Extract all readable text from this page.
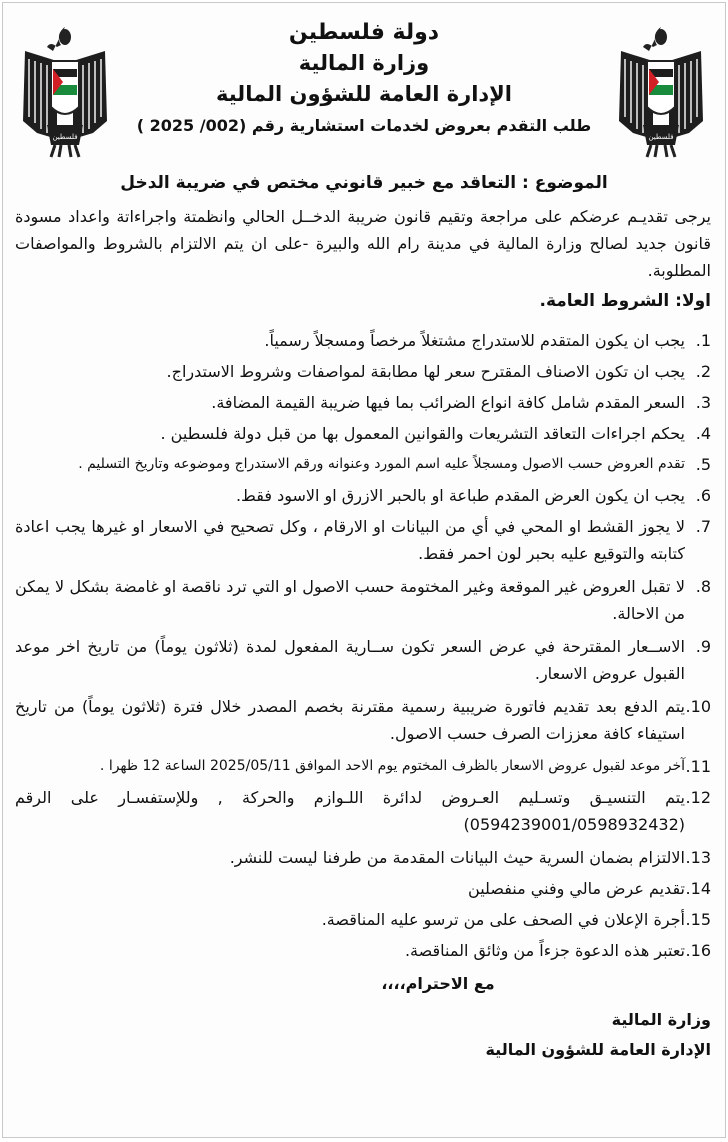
فلسطين	فلسطين
دولة فلسطين
وزارة المالية
الإدارة العامة للشؤون المالية
طلب التقدم بعروض لخدمات استشارية رقم (002/ 2025 )
الموضوع : التعاقد مع خبير قانوني مختص في ضريبة الدخل

يرجى تقديـم عرضكم على مراجعة وتقيم قانون ضريبة الدخــل الحالي وانظمتة واجراءاتة واعداد مسودة قانون جديد لصالح وزارة المالية في مدينة رام الله والبيرة -على ان يتم الالتزام بالشروط والمواصفات المطلوبة.

اولا: الشروط العامة.
1.
يجب ان يكون المتقدم للاستدراج مشتغلاً مرخصاً ومسجلاً رسمياً.
2.
يجب ان تكون الاصناف المقترح سعر لها مطابقة لمواصفات وشروط الاستدراج.
3.
السعر المقدم شامل كافة انواع الضرائب بما فيها ضريبة القيمة المضافة.
4.
يحكم اجراءات التعاقد التشريعات والقوانين المعمول بها من قبل دولة فلسطين .
5.
تقدم العروض حسب الاصول ومسجلاً عليه اسم المورد وعنوانه ورقم الاستدراج وموضوعه وتاريخ التسليم .
6.
يجب ان يكون العرض المقدم طباعة او بالحبر الازرق او الاسود فقط.
7.
لا يجوز القشط او المحي في أي من البيانات او الارقام ، وكل تصحيح في الاسعار او غيرها يجب اعادة كتابته والتوقيع عليه بحبر لون احمر فقط.
8.
لا تقبل العروض غير الموقعة وغير المختومة حسب الاصول او التي ترد ناقصة او غامضة بشكل لا يمكن من الاحالة.
9.
الاســعار المقترحة في عرض السعر تكون ســارية المفعول لمدة (ثلاثون يوماً) من تاريخ اخر موعد القبول عروض الاسعار.
10.
يتم الدفع بعد تقديم فاتورة ضريبية رسمية مقترنة بخصم المصدر خلال فترة (ثلاثون يوماً) من تاريخ استيفاء كافة معززات الصرف حسب الاصول.
11.
آخر موعد لقبول عروض الاسعار بالظرف المختوم يوم الاحد الموافق 2025/05/11 الساعة 12 ظهرا .
12.
يتم التنسيـق وتسـليم العـروض لدائرة اللـوازم والحركة , وللإستفسـار على الرقم (0594239001/0598932432)
13.
الالتزام بضمان السرية حيث البيانات المقدمة من طرفنا ليست للنشر.
14.
تقديم عرض مالي وفني منفصلين
15.
أجرة الإعلان في الصحف على من ترسو عليه المناقصة.
16.
تعتبر هذه الدعوة جزءاً من وثائق المناقصة.
مع الاحترام،،،،
وزارة المالية
الإدارة العامة للشؤون المالية
